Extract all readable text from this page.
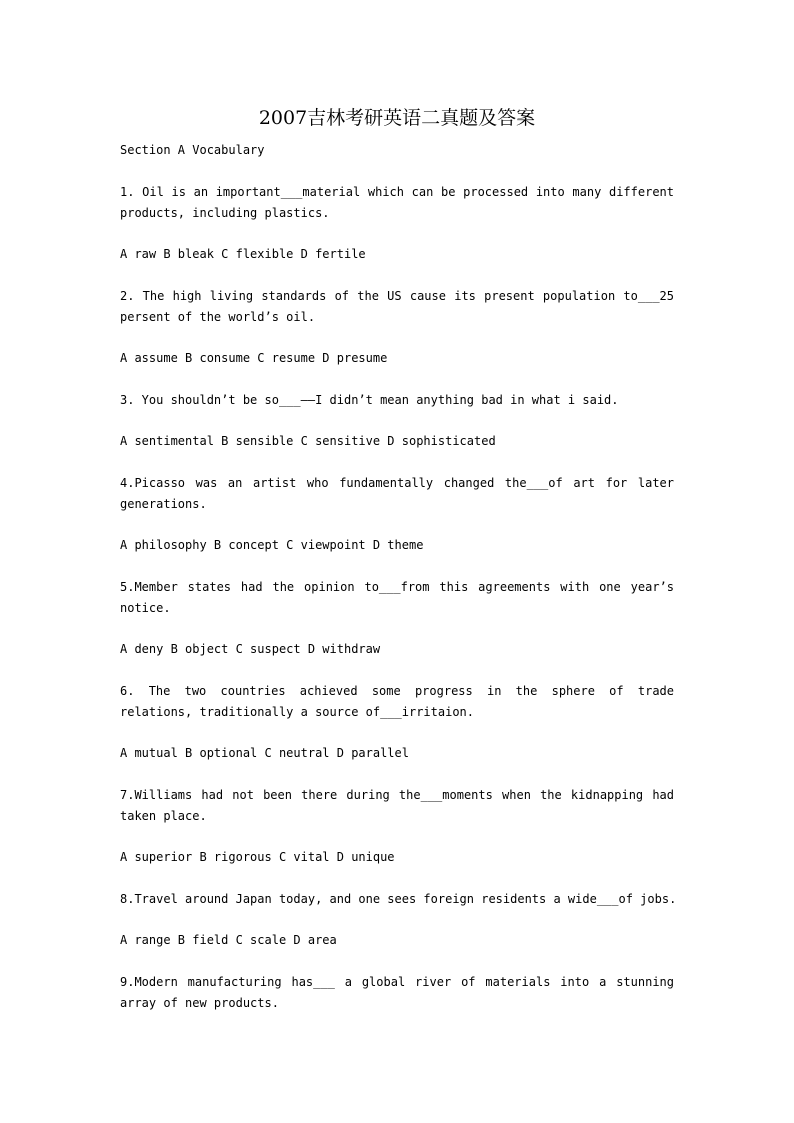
2007吉林考研英语二真题及答案

Section A Vocabulary

1. Oil is an important___material which can be processed into many different products, including plastics.

A raw B bleak C flexible D fertile

2. The high living standards of the US cause its present population to___25 persent of the world’s oil.

A assume B consume C resume D presume

3. You shouldn’t be so___——I didn’t mean anything bad in what i said.

A sentimental B sensible C sensitive D sophisticated

4.Picasso was an artist who fundamentally changed the___of art for later generations.

A philosophy B concept C viewpoint D theme

5.Member states had the opinion to___from this agreements with one year’s notice.

A deny B object C suspect D withdraw

6. The two countries achieved some progress in the sphere of trade relations, traditionally a source of___irritaion.

A mutual B optional C neutral D parallel

7.Williams had not been there during the___moments when the kidnapping had taken place.

A superior B rigorous C vital D unique

8.Travel around Japan today, and one sees foreign residents a wide___of jobs.

A range B field C scale D area

9.Modern manufacturing has___ a global river of materials into a stunning array of new products.
